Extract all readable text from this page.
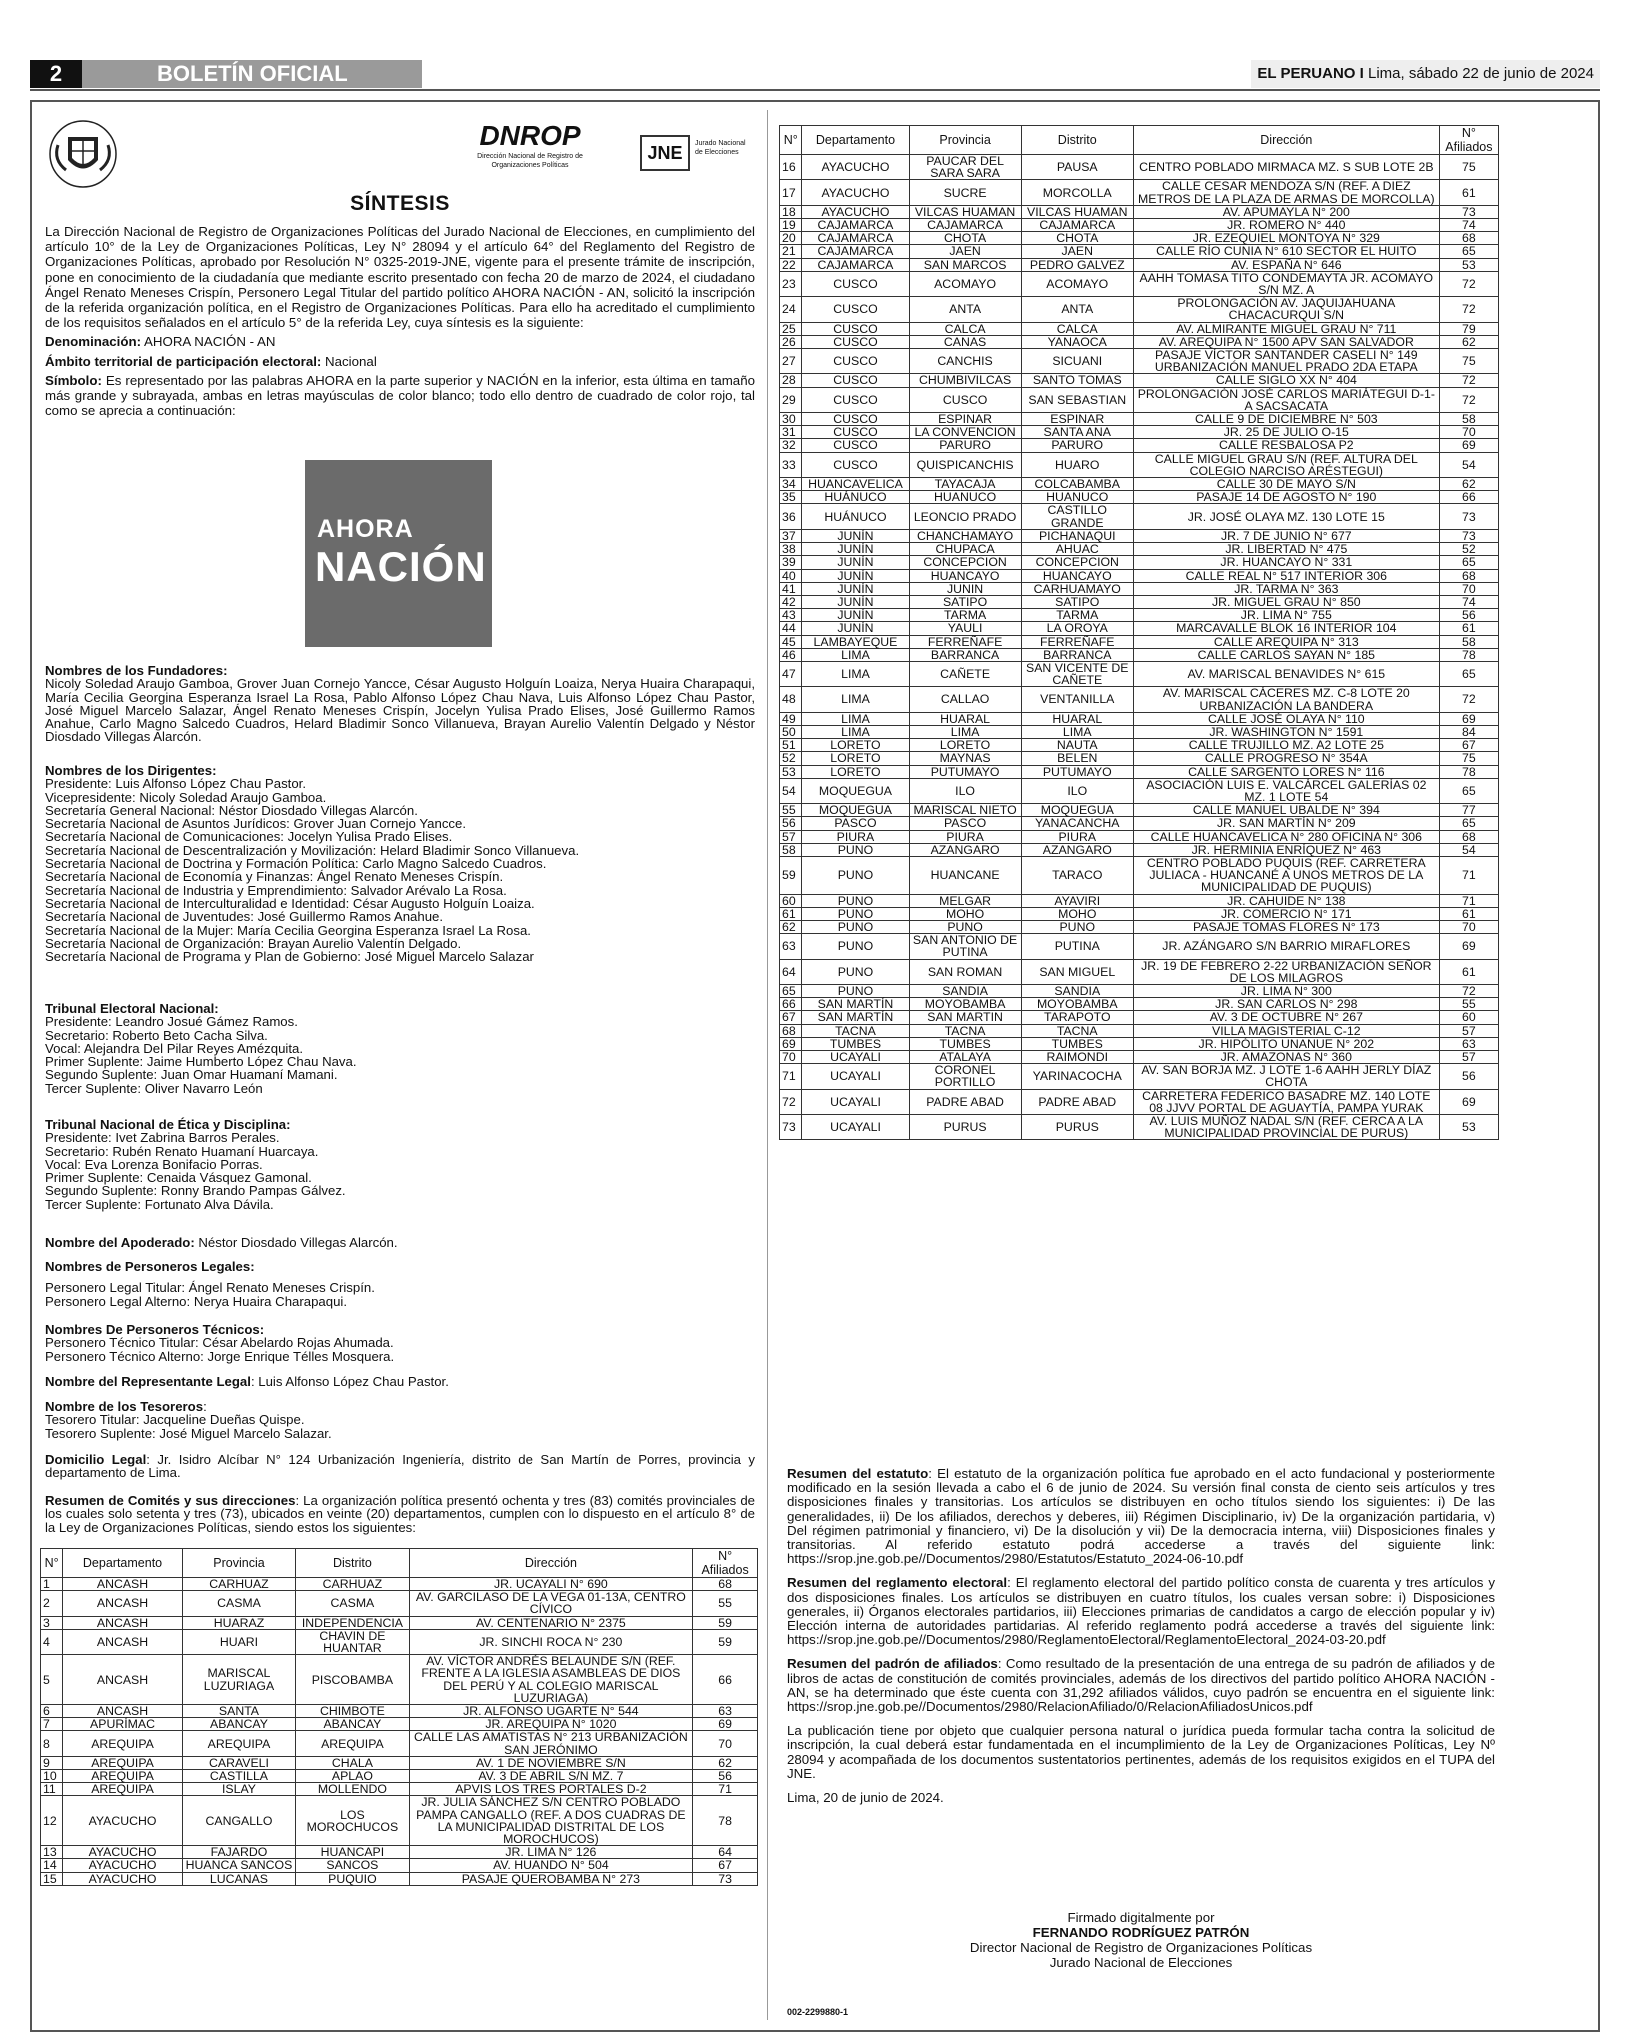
2	BOLETÍN OFICIAL	EL PERUANO I Lima, sábado 22 de junio de 2024
DNROP
Dirección Nacional de Registro de
Organizaciones Políticas
JNE	Jurado Nacional
de Elecciones
SÍNTESIS

La Dirección Nacional de Registro de Organizaciones Políticas del Jurado Nacional de Elecciones, en cumplimiento del artículo 10° de la Ley de Organizaciones Políticas, Ley N° 28094 y el artículo 64° del Reglamento del Registro de Organizaciones Políticas, aprobado por Resolución N° 0325-2019-JNE, vigente para el presente trámite de inscripción, pone en conocimiento de la ciudadanía que mediante escrito presentado con fecha 20 de marzo de 2024, el ciudadano Ángel Renato Meneses Crispín, Personero Legal Titular del partido político AHORA NACIÓN - AN, solicitó la inscripción de la referida organización política, en el Registro de Organizaciones Políticas. Para ello ha acreditado el cumplimiento de los requisitos señalados en el artículo 5° de la referida Ley, cuya síntesis es la siguiente:

Denominación: AHORA NACIÓN - AN

Ámbito territorial de participación electoral: Nacional

Símbolo: Es representado por las palabras AHORA en la parte superior y NACIÓN en la inferior, esta última en tamaño más grande y subrayada, ambas en letras mayúsculas de color blanco; todo ello dentro de cuadrado de color rojo, tal como se aprecia a continuación:

AHORA
NACIÓN

Nombres de los Fundadores:

Nicoly Soledad Araujo Gamboa, Grover Juan Cornejo Yancce, César Augusto Holguín Loaiza, Nerya Huaira Charapaqui, María Cecilia Georgina Esperanza Israel La Rosa, Pablo Alfonso López Chau Nava, Luis Alfonso López Chau Pastor, José Miguel Marcelo Salazar, Ángel Renato Meneses Crispín, Jocelyn Yulisa Prado Elises, José Guillermo Ramos Anahue, Carlo Magno Salcedo Cuadros, Helard Bladimir Sonco Villanueva, Brayan Aurelio Valentín Delgado y Néstor Diosdado Villegas Alarcón.

Nombres de los Dirigentes:

Presidente: Luis Alfonso López Chau Pastor.

Vicepresidente: Nicoly Soledad Araujo Gamboa.

Secretaría General Nacional: Néstor Diosdado Villegas Alarcón.

Secretaría Nacional de Asuntos Jurídicos: Grover Juan Cornejo Yancce.

Secretaría Nacional de Comunicaciones: Jocelyn Yulisa Prado Elises.

Secretaría Nacional de Descentralización y Movilización: Helard Bladimir Sonco Villanueva.

Secretaría Nacional de Doctrina y Formación Política: Carlo Magno Salcedo Cuadros.

Secretaría Nacional de Economía y Finanzas: Ángel Renato Meneses Crispín.

Secretaría Nacional de Industria y Emprendimiento: Salvador Arévalo La Rosa.

Secretaría Nacional de Interculturalidad e Identidad: César Augusto Holguín Loaiza.

Secretaría Nacional de Juventudes: José Guillermo Ramos Anahue.

Secretaría Nacional de la Mujer: María Cecilia Georgina Esperanza Israel La Rosa.

Secretaría Nacional de Organización: Brayan Aurelio Valentín Delgado.

Secretaría Nacional de Programa y Plan de Gobierno: José Miguel Marcelo Salazar

Tribunal Electoral Nacional:

Presidente: Leandro Josué Gámez Ramos.

Secretario: Roberto Beto Cacha Silva.

Vocal: Alejandra Del Pilar Reyes Amézquita.

Primer Suplente: Jaime Humberto López Chau Nava.

Segundo Suplente: Juan Omar Huamaní Mamani.

Tercer Suplente: Oliver Navarro León

Tribunal Nacional de Ética y Disciplina:

Presidente: Ivet Zabrina Barros Perales.

Secretario: Rubén Renato Huamaní Huarcaya.

Vocal: Eva Lorenza Bonifacio Porras.

Primer Suplente: Cenaida Vásquez Gamonal.

Segundo Suplente: Ronny Brando Pampas Gálvez.

Tercer Suplente: Fortunato Alva Dávila.

Nombre del Apoderado: Néstor Diosdado Villegas Alarcón.

Nombres de Personeros Legales:

Personero Legal Titular: Ángel Renato Meneses Crispín.

Personero Legal Alterno: Nerya Huaira Charapaqui.

Nombres De Personeros Técnicos:

Personero Técnico Titular: César Abelardo Rojas Ahumada.

Personero Técnico Alterno: Jorge Enrique Télles Mosquera.

Nombre del Representante Legal: Luis Alfonso López Chau Pastor.

Nombre de los Tesoreros:

Tesorero Titular: Jacqueline Dueñas Quispe.

Tesorero Suplente: José Miguel Marcelo Salazar.

Domicilio Legal: Jr. Isidro Alcíbar N° 124 Urbanización Ingeniería, distrito de San Martín de Porres, provincia y departamento de Lima.

Resumen de Comités y sus direcciones: La organización política presentó ochenta y tres (83) comités provinciales de los cuales solo setenta y tres (73), ubicados en veinte (20) departamentos, cumplen con lo dispuesto en el artículo 8° de la Ley de Organizaciones Políticas, siendo estos los siguientes:

N°	Departamento	Provincia	Distrito	Dirección	N° Afiliados
1	ANCASH	CARHUAZ	CARHUAZ	JR. UCAYALI N° 690	68
2	ANCASH	CASMA	CASMA	AV. GARCILASO DE LA VEGA 01-13A, CENTRO CÍVICO	55
3	ANCASH	HUARAZ	INDEPENDENCIA	AV. CENTENARIO N° 2375	59
4	ANCASH	HUARI	CHAVIN DE HUANTAR	JR. SINCHI ROCA N° 230	59
5	ANCASH	MARISCAL LUZURIAGA	PISCOBAMBA	AV. VÍCTOR ANDRÉS BELAUNDE S/N (REF. FRENTE A LA IGLESIA ASAMBLEAS DE DIOS DEL PERÚ Y AL COLEGIO MARISCAL LUZURIAGA)	66
6	ANCASH	SANTA	CHIMBOTE	JR. ALFONSO UGARTE N° 544	63
7	APURÍMAC	ABANCAY	ABANCAY	JR. AREQUIPA N° 1020	69
8	AREQUIPA	AREQUIPA	AREQUIPA	CALLE LAS AMATISTAS N° 213 URBANIZACIÓN SAN JERÓNIMO	70
9	AREQUIPA	CARAVELI	CHALA	AV. 1 DE NOVIEMBRE S/N	62
10	AREQUIPA	CASTILLA	APLAO	AV. 3 DE ABRIL S/N MZ. 7	56
11	AREQUIPA	ISLAY	MOLLENDO	APVIS LOS TRES PORTALES D-2	71
12	AYACUCHO	CANGALLO	LOS MOROCHUCOS	JR. JULIA SÁNCHEZ S/N CENTRO POBLADO PAMPA CANGALLO (REF. A DOS CUADRAS DE LA MUNICIPALIDAD DISTRITAL DE LOS MOROCHUCOS)	78
13	AYACUCHO	FAJARDO	HUANCAPI	JR. LIMA N° 126	64
14	AYACUCHO	HUANCA SANCOS	SANCOS	AV. HUANDO N° 504	67
15	AYACUCHO	LUCANAS	PUQUIO	PASAJE QUEROBAMBA N° 273	73
N°	Departamento	Provincia	Distrito	Dirección	N° Afiliados
16	AYACUCHO	PAUCAR DEL SARA SARA	PAUSA	CENTRO POBLADO MIRMACA MZ. S SUB LOTE 2B	75
17	AYACUCHO	SUCRE	MORCOLLA	CALLE CESAR MENDOZA S/N (REF. A DIEZ METROS DE LA PLAZA DE ARMAS DE MORCOLLA)	61
18	AYACUCHO	VILCAS HUAMAN	VILCAS HUAMAN	AV. APUMAYLA N° 200	73
19	CAJAMARCA	CAJAMARCA	CAJAMARCA	JR. ROMERO N° 440	74
20	CAJAMARCA	CHOTA	CHOTA	JR. EZEQUIEL MONTOYA N° 329	68
21	CAJAMARCA	JAEN	JAEN	CALLE RÍO CUNIA N° 610 SECTOR EL HUITO	65
22	CAJAMARCA	SAN MARCOS	PEDRO GALVEZ	AV. ESPAÑA N° 646	53
23	CUSCO	ACOMAYO	ACOMAYO	AAHH TOMASA TITO CONDEMAYTA JR. ACOMAYO S/N MZ. A	72
24	CUSCO	ANTA	ANTA	PROLONGACIÓN AV. JAQUIJAHUANA CHACACURQUI S/N	72
25	CUSCO	CALCA	CALCA	AV. ALMIRANTE MIGUEL GRAU N° 711	79
26	CUSCO	CANAS	YANAOCA	AV. AREQUIPA N° 1500 APV SAN SALVADOR	62
27	CUSCO	CANCHIS	SICUANI	PASAJE VÍCTOR SANTANDER CASELI N° 149 URBANIZACIÓN MANUEL PRADO 2DA ETAPA	75
28	CUSCO	CHUMBIVILCAS	SANTO TOMAS	CALLE SIGLO XX N° 404	72
29	CUSCO	CUSCO	SAN SEBASTIAN	PROLONGACIÓN JOSÉ CARLOS MARIÁTEGUI D-1-A SACSACATA	72
30	CUSCO	ESPINAR	ESPINAR	CALLE 9 DE DICIEMBRE N° 503	58
31	CUSCO	LA CONVENCION	SANTA ANA	JR. 25 DE JULIO O-15	70
32	CUSCO	PARURO	PARURO	CALLE RESBALOSA P2	69
33	CUSCO	QUISPICANCHIS	HUARO	CALLE MIGUEL GRAU S/N (REF. ALTURA DEL COLEGIO NARCISO ARÉSTEGUI)	54
34	HUANCAVELICA	TAYACAJA	COLCABAMBA	CALLE 30 DE MAYO S/N	62
35	HUÁNUCO	HUANUCO	HUANUCO	PASAJE 14 DE AGOSTO N° 190	66
36	HUÁNUCO	LEONCIO PRADO	CASTILLO GRANDE	JR. JOSÉ OLAYA MZ. 130 LOTE 15	73
37	JUNÍN	CHANCHAMAYO	PICHANAQUI	JR. 7 DE JUNIO N° 677	73
38	JUNÍN	CHUPACA	AHUAC	JR. LIBERTAD N° 475	52
39	JUNÍN	CONCEPCION	CONCEPCION	JR. HUANCAYO N° 331	65
40	JUNÍN	HUANCAYO	HUANCAYO	CALLE REAL N° 517 INTERIOR 306	68
41	JUNÍN	JUNIN	CARHUAMAYO	JR. TARMA N° 363	70
42	JUNÍN	SATIPO	SATIPO	JR. MIGUEL GRAU N° 850	74
43	JUNÍN	TARMA	TARMA	JR. LIMA N° 755	56
44	JUNÍN	YAULI	LA OROYA	MARCAVALLE BLOK 16 INTERIOR 104	61
45	LAMBAYEQUE	FERREÑAFE	FERREÑAFE	CALLE AREQUIPA N° 313	58
46	LIMA	BARRANCA	BARRANCA	CALLE CARLOS SAYAN N° 185	78
47	LIMA	CAÑETE	SAN VICENTE DE CAÑETE	AV. MARISCAL BENAVIDES N° 615	65
48	LIMA	CALLAO	VENTANILLA	AV. MARISCAL CÁCERES MZ. C-8 LOTE 20 URBANIZACIÓN LA BANDERA	72
49	LIMA	HUARAL	HUARAL	CALLE JOSÉ OLAYA N° 110	69
50	LIMA	LIMA	LIMA	JR. WASHINGTON N° 1591	84
51	LORETO	LORETO	NAUTA	CALLE TRUJILLO MZ. A2 LOTE 25	67
52	LORETO	MAYNAS	BELEN	CALLE PROGRESO N° 354A	75
53	LORETO	PUTUMAYO	PUTUMAYO	CALLE SARGENTO LORES N° 116	78
54	MOQUEGUA	ILO	ILO	ASOCIACIÓN LUIS E. VALCÁRCEL GALERÍAS 02 MZ. 1 LOTE 54	65
55	MOQUEGUA	MARISCAL NIETO	MOQUEGUA	CALLE MANUEL UBALDE N° 394	77
56	PASCO	PASCO	YANACANCHA	JR. SAN MARTÍN N° 209	65
57	PIURA	PIURA	PIURA	CALLE HUANCAVELICA N° 280 OFICINA N° 306	68
58	PUNO	AZANGARO	AZANGARO	JR. HERMINIA ENRÍQUEZ N° 463	54
59	PUNO	HUANCANE	TARACO	CENTRO POBLADO PUQUIS (REF. CARRETERA JULIACA - HUANCANÉ A UNOS METROS DE LA MUNICIPALIDAD DE PUQUIS)	71
60	PUNO	MELGAR	AYAVIRI	JR. CAHUIDE N° 138	71
61	PUNO	MOHO	MOHO	JR. COMERCIO N° 171	61
62	PUNO	PUNO	PUNO	PASAJE TOMAS FLORES N° 173	70
63	PUNO	SAN ANTONIO DE PUTINA	PUTINA	JR. AZÁNGARO S/N BARRIO MIRAFLORES	69
64	PUNO	SAN ROMAN	SAN MIGUEL	JR. 19 DE FEBRERO 2-22 URBANIZACIÓN SEÑOR DE LOS MILAGROS	61
65	PUNO	SANDIA	SANDIA	JR. LIMA N° 300	72
66	SAN MARTÍN	MOYOBAMBA	MOYOBAMBA	JR. SAN CARLOS N° 298	55
67	SAN MARTÍN	SAN MARTIN	TARAPOTO	AV. 3 DE OCTUBRE N° 267	60
68	TACNA	TACNA	TACNA	VILLA MAGISTERIAL C-12	57
69	TUMBES	TUMBES	TUMBES	JR. HIPÓLITO UNANUE N° 202	63
70	UCAYALI	ATALAYA	RAIMONDI	JR. AMAZONAS N° 360	57
71	UCAYALI	CORONEL PORTILLO	YARINACOCHA	AV. SAN BORJA MZ. J LOTE 1-6 AAHH JERLY DÍAZ CHOTA	56
72	UCAYALI	PADRE ABAD	PADRE ABAD	CARRETERA FEDERICO BASADRE MZ. 140 LOTE 08 JJVV PORTAL DE AGUAYTÍA, PAMPA YURAK	69
73	UCAYALI	PURUS	PURUS	AV. LUIS MUÑOZ NADAL S/N (REF. CERCA A LA MUNICIPALIDAD PROVINCIAL DE PURUS)	53

Resumen del estatuto: El estatuto de la organización política fue aprobado en el acto fundacional y posteriormente modificado en la sesión llevada a cabo el 6 de junio de 2024. Su versión final consta de ciento seis artículos y tres disposiciones finales y transitorias. Los artículos se distribuyen en ocho títulos siendo los siguientes: i) De las generalidades, ii) De los afiliados, derechos y deberes, iii) Régimen Disciplinario, iv) De la organización partidaria, v) Del régimen patrimonial y financiero, vi) De la disolución y vii) De la democracia interna, viii) Disposiciones finales y transitorias. Al referido estatuto podrá accederse a través del siguiente link: https://srop.jne.gob.pe//Documentos/2980/Estatutos/Estatuto_2024-06-10.pdf

Resumen del reglamento electoral: El reglamento electoral del partido político consta de cuarenta y tres artículos y dos disposiciones finales. Los artículos se distribuyen en cuatro títulos, los cuales versan sobre: i) Disposiciones generales, ii) Órganos electorales partidarios, iii) Elecciones primarias de candidatos a cargo de elección popular y iv) Elección interna de autoridades partidarias. Al referido reglamento podrá accederse a través del siguiente link: https://srop.jne.gob.pe//Documentos/2980/ReglamentoElectoral/ReglamentoElectoral_2024-03-20.pdf

Resumen del padrón de afiliados: Como resultado de la presentación de una entrega de su padrón de afiliados y de libros de actas de constitución de comités provinciales, además de los directivos del partido político AHORA NACIÓN - AN, se ha determinado que éste cuenta con 31,292 afiliados válidos, cuyo padrón se encuentra en el siguiente link: https://srop.jne.gob.pe//Documentos/2980/RelacionAfiliado/0/RelacionAfiliadosUnicos.pdf

La publicación tiene por objeto que cualquier persona natural o jurídica pueda formular tacha contra la solicitud de inscripción, la cual deberá estar fundamentada en el incumplimiento de la Ley de Organizaciones Políticas, Ley Nº 28094 y acompañada de los documentos sustentatorios pertinentes, además de los requisitos exigidos en el TUPA del JNE.

Lima, 20 de junio de 2024.

Firmado digitalmente por
FERNANDO RODRÍGUEZ PATRÓN
Director Nacional de Registro de Organizaciones Políticas
Jurado Nacional de Elecciones
002-2299880-1
